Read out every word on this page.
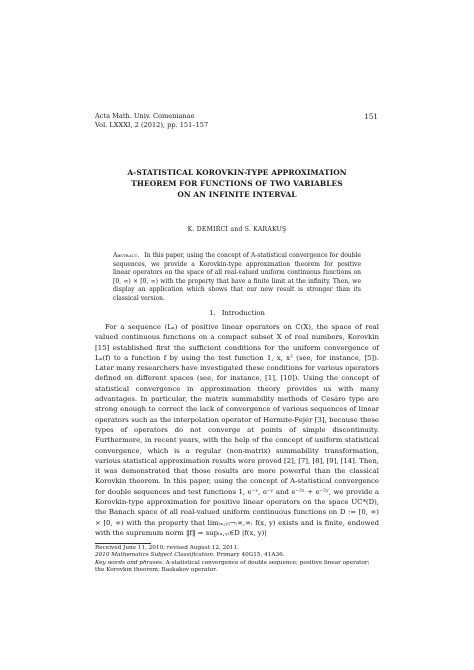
Acta Math. Univ. Comenianae
Vol. LXXXI, 2 (2012), pp. 151–157
151
A-STATISTICAL KOROVKIN-TYPE APPROXIMATION
THEOREM FOR FUNCTIONS OF TWO VARIABLES
ON AN INFINITE INTERVAL
K. DEMIRCI and S. KARAKUŞ
Abstract. In this paper, using the concept of A-statistical convergence for double sequences, we provide a Korovkin-type approximation theorem for positive linear operators on the space of all real-valued uniform continuous functions on [0, ∞) × [0, ∞) with the property that have a finite limit at the infinity. Then, we display an application which shows that our new result is stronger than its classical version.
1. Introduction

For a sequence (Lₙ) of positive linear operators on C(X), the space of real valued continuous functions on a compact subset X of real numbers, Korovkin [15] established first the sufficient conditions for the uniform convergence of Lₙ(f) to a function f by using the test function 1, x, x² (see, for instance, [5]). Later many researchers have investigated these conditions for various operators defined on different spaces (see, for instance, [1], [10]). Using the concept of statistical convergence in approximation theory provides us with many advantages. In particular, the matrix summability methods of Cesáro type are strong enough to correct the lack of convergence of various sequences of linear operators such as the interpolation operator of Hermite-Fejér [3], because these types of operators do not converge at points of simple discontinuity. Furthermore, in recent years, with the help of the concept of uniform statistical convergence, which is a regular (non-matrix) summability transformation, various statistical approximation results were proved [2], [7], [8], [9], [14]. Then, it was demonstrated that those results are more powerful than the classical Korovkin theorem. In this paper, using the concept of A-statistical convergence for double sequences and test functions 1, e⁻ˣ, e⁻ʸ and e⁻²ˣ + e⁻²ʸ, we provide a Korovkin-type approximation for positive linear operators on the space UC*(D), the Banach space of all real-valued uniform continuous functions on D := [0, ∞) × [0, ∞) with the property that lim₍ₓ,ᵧ₎→₍∞,∞₎ f(x, y) exists and is finite, endowed with the supremum norm ‖f‖ = sup₍ₓ,ᵧ₎∈D |f(x, y)|

Received June 11, 2010; revised August 12, 2011.
2010 Mathematics Subject Classification. Primary 40G15, 41A36.
Key words and phrases. A-statistical convergence of double sequence; positive linear operator; the Korovkin theorem; Baskakov operator.
